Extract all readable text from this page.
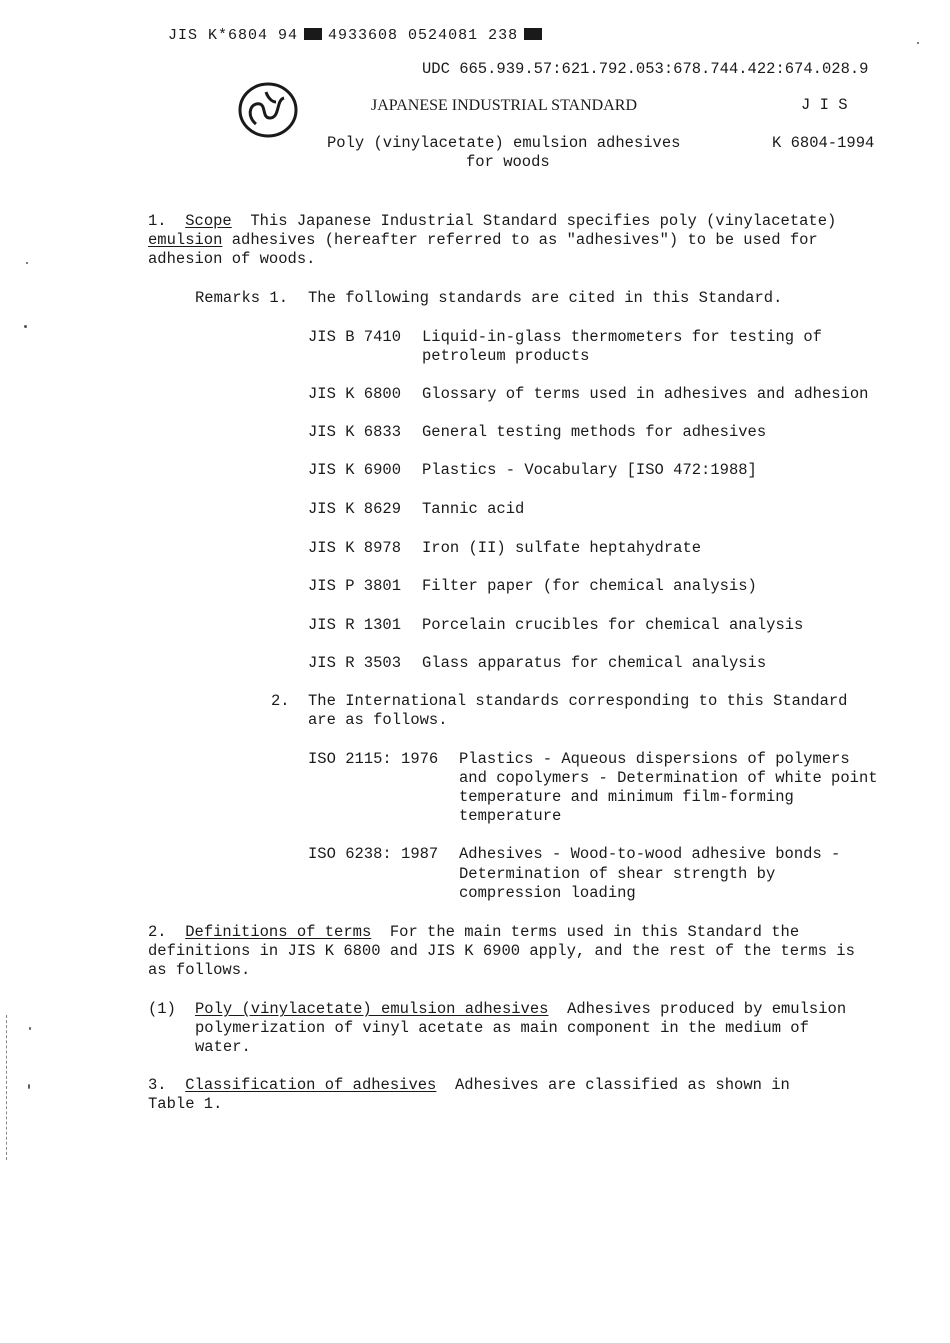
JIS K*6804 94 4933608 0524081 238

UDC 665.939.57:621.792.053:678.744.422:674.028.9
JAPANESE INDUSTRIAL STANDARD	J I S
Poly (vinylacetate) emulsion adhesives	K 6804-1994
for woods
1. Scope  This Japanese Industrial Standard specifies poly (vinylacetate)
emulsion adhesives (hereafter referred to as "adhesives") to be used for
adhesion of woods.
Remarks 1. The following standards are cited in this Standard.
JIS B 7410 Liquid-in-glass thermometers for testing of
petroleum products
JIS K 6800 Glossary of terms used in adhesives and adhesion
JIS K 6833 General testing methods for adhesives
JIS K 6900 Plastics - Vocabulary [ISO 472:1988]
JIS K 8629 Tannic acid
JIS K 8978 Iron (II) sulfate heptahydrate
JIS P 3801 Filter paper (for chemical analysis)
JIS R 1301 Porcelain crucibles for chemical analysis
JIS R 3503 Glass apparatus for chemical analysis
2. The International standards corresponding to this Standard
are as follows.
ISO 2115: 1976 Plastics - Aqueous dispersions of polymers
and copolymers - Determination of white point
temperature and minimum film-forming
temperature
ISO 6238: 1987 Adhesives - Wood-to-wood adhesive bonds -
Determination of shear strength by
compression loading
2. Definitions of terms  For the main terms used in this Standard the
definitions in JIS K 6800 and JIS K 6900 apply, and the rest of the terms is
as follows.
(1) Poly (vinylacetate) emulsion adhesives  Adhesives produced by emulsion
polymerization of vinyl acetate as main component in the medium of
water.
3. Classification of adhesives  Adhesives are classified as shown in
Table 1.
